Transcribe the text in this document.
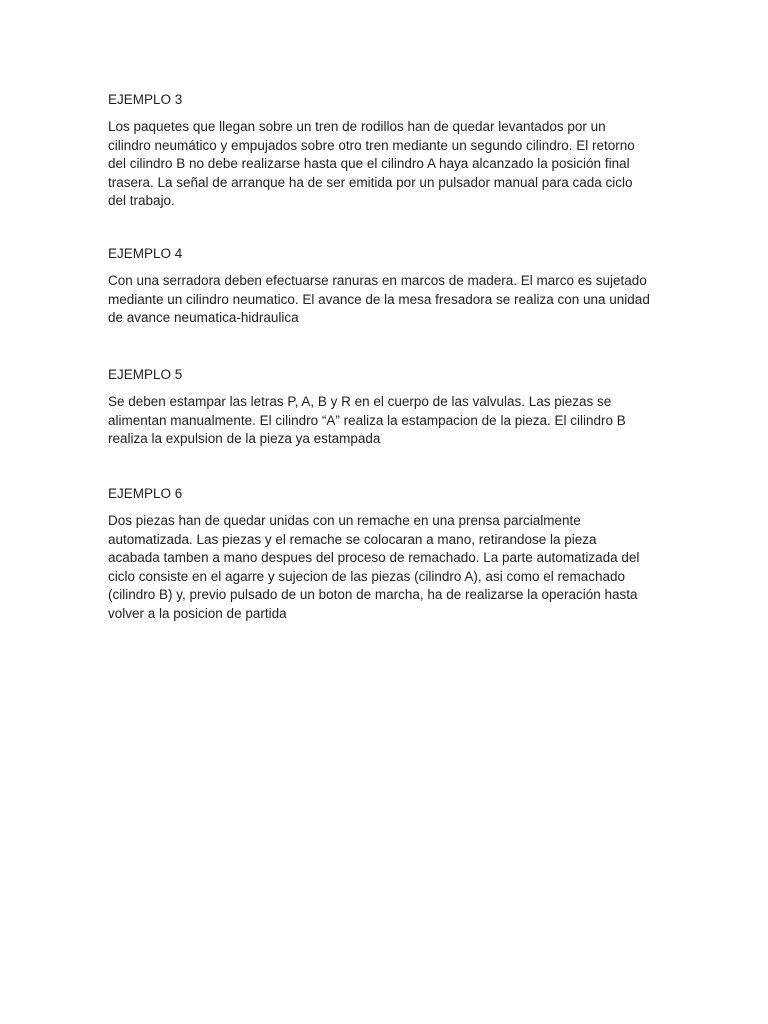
EJEMPLO 3

Los paquetes que llegan sobre un tren de rodillos han de quedar levantados por un
cilindro neumático y empujados sobre otro tren mediante un segundo cilindro. El retorno
del cilindro B no debe realizarse hasta que el cilindro A haya alcanzado la posición final
trasera. La señal de arranque ha de ser emitida por un pulsador manual para cada ciclo
del trabajo.

EJEMPLO 4

Con una serradora deben efectuarse ranuras en marcos de madera. El marco es sujetado
mediante un cilindro neumatico. El avance de la mesa fresadora se realiza con una unidad
de avance neumatica-hidraulica

EJEMPLO 5

Se deben estampar las letras P, A, B y R en el cuerpo de las valvulas. Las piezas se
alimentan manualmente. El cilindro “A” realiza la estampacion de la pieza. El cilindro B
realiza la expulsion de la pieza ya estampada

EJEMPLO 6

Dos piezas han de quedar unidas con un remache en una prensa parcialmente
automatizada. Las piezas y el remache se colocaran a mano, retirandose la pieza
acabada tamben a mano despues del proceso de remachado. La parte automatizada del
ciclo consiste en el agarre y sujecion de las piezas (cilindro A), asi como el remachado
(cilindro B) y, previo pulsado de un boton de marcha, ha de realizarse la operación hasta
volver a la posicion de partida
